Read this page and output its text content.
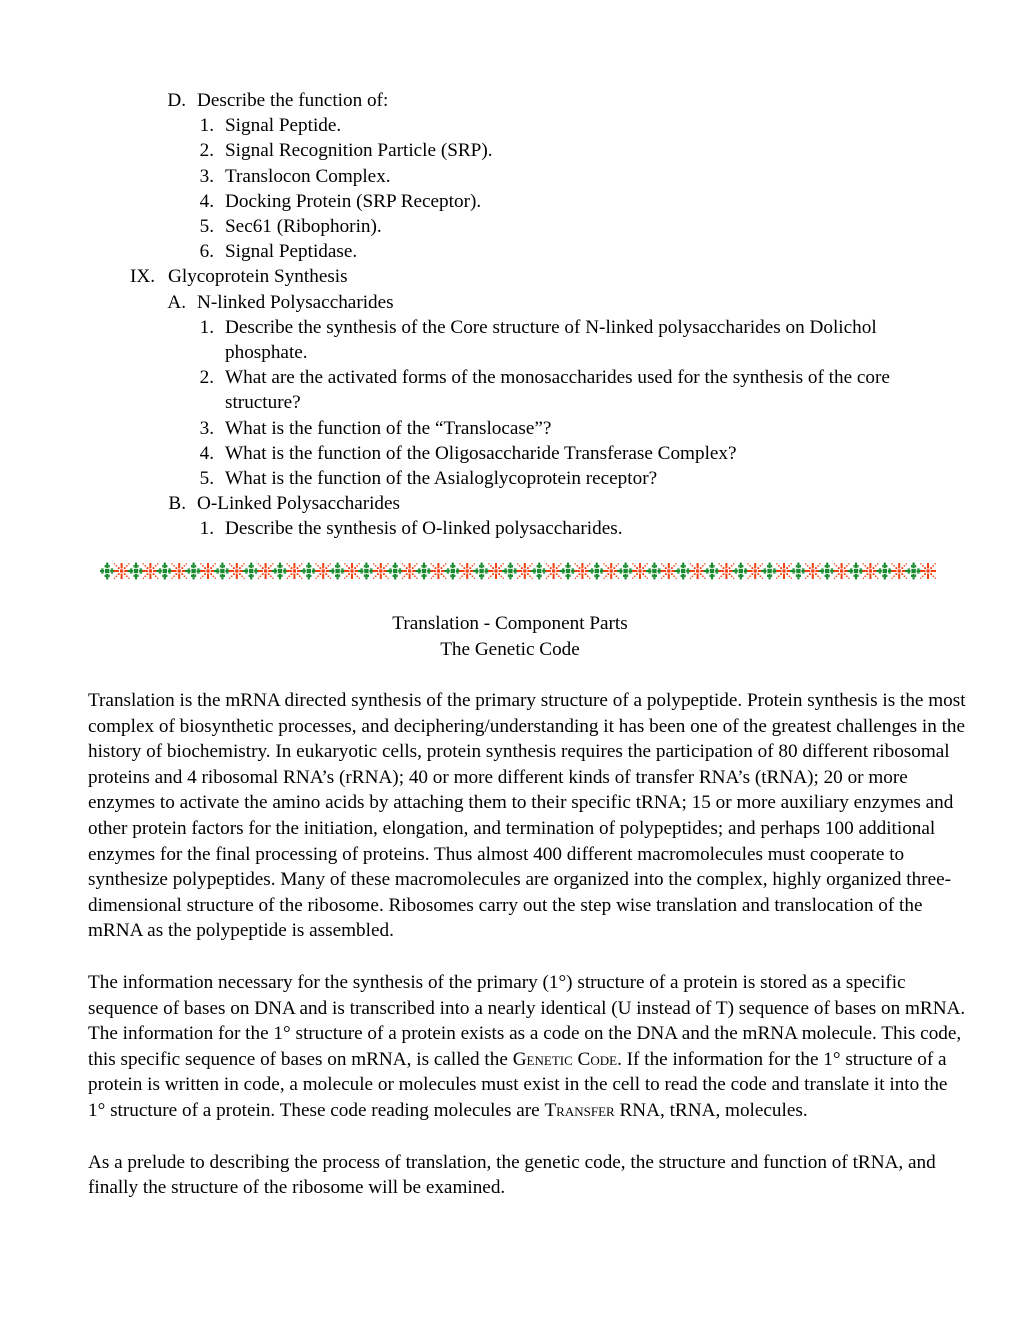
D. Describe the function of:
1. Signal Peptide.
2. Signal Recognition Particle (SRP).
3. Translocon Complex.
4. Docking Protein (SRP Receptor).
5. Sec61 (Ribophorin).
6. Signal Peptidase.
IX. Glycoprotein Synthesis
A. N-linked Polysaccharides
1. Describe the synthesis of the Core structure of N-linked polysaccharides on Dolichol phosphate.
2. What are the activated forms of the monosaccharides used for the synthesis of the core structure?
3. What is the function of the “Translocase”?
4. What is the function of the Oligosaccharide Transferase Complex?
5. What is the function of the Asialoglycoprotein receptor?
B. O-Linked Polysaccharides
1. Describe the synthesis of O-linked polysaccharides.
Translation - Component Parts
The Genetic Code

Translation is the mRNA directed synthesis of the primary structure of a polypeptide. Protein synthesis is the most complex of biosynthetic processes, and deciphering/understanding it has been one of the greatest challenges in the history of biochemistry. In eukaryotic cells, protein synthesis requires the participation of 80 different ribosomal proteins and 4 ribosomal RNA’s (rRNA); 40 or more different kinds of transfer RNA’s (tRNA); 20 or more enzymes to activate the amino acids by attaching them to their specific tRNA; 15 or more auxiliary enzymes and other protein factors for the initiation, elongation, and termination of polypeptides; and perhaps 100 additional enzymes for the final processing of proteins. Thus almost 400 different macromolecules must cooperate to synthesize polypeptides. Many of these macromolecules are organized into the complex, highly organized three-dimensional structure of the ribosome. Ribosomes carry out the step wise translation and translocation of the mRNA as the polypeptide is assembled.

The information necessary for the synthesis of the primary (1°) structure of a protein is stored as a specific sequence of bases on DNA and is transcribed into a nearly identical (U instead of T) sequence of bases on mRNA. The information for the 1° structure of a protein exists as a code on the DNA and the mRNA molecule. This code, this specific sequence of bases on mRNA, is called the Genetic Code. If the information for the 1° structure of a protein is written in code, a molecule or molecules must exist in the cell to read the code and translate it into the 1° structure of a protein. These code reading molecules are Transfer RNA, tRNA, molecules.

As a prelude to describing the process of translation, the genetic code, the structure and function of tRNA, and finally the structure of the ribosome will be examined.
